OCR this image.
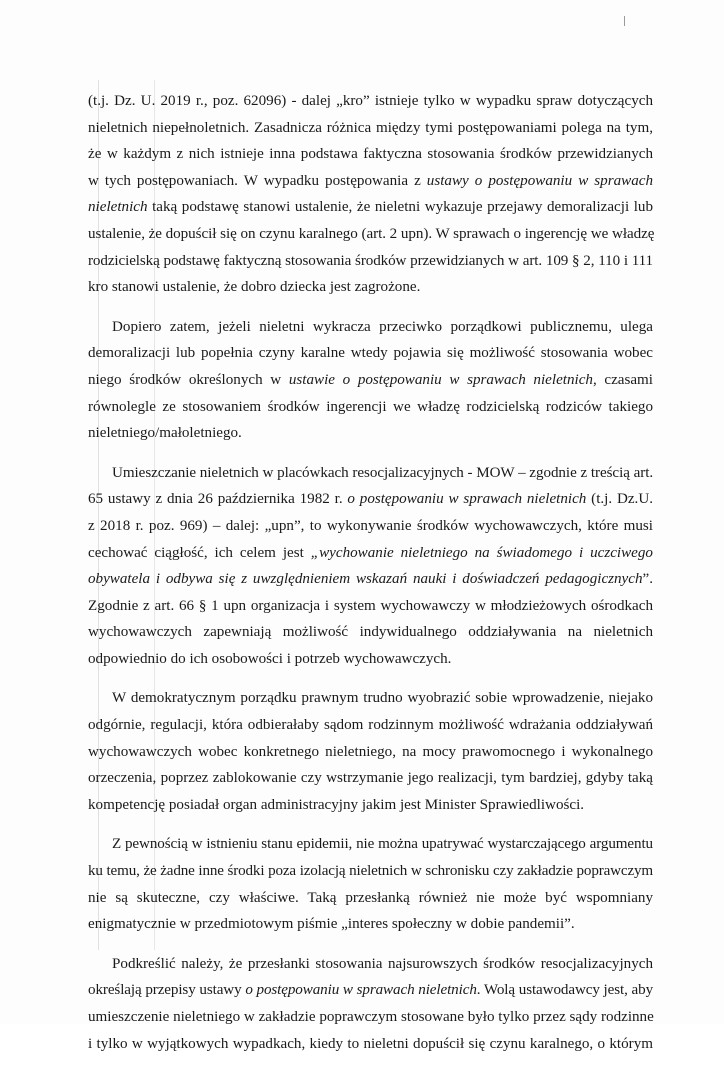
(t.j. Dz. U. 2019 r., poz. 62096) - dalej „kro” istnieje tylko w wypadku spraw dotyczących
nieletnich niepełnoletnich. Zasadnicza różnica między tymi postępowaniami polega na tym,
że w każdym z nich istnieje inna podstawa faktyczna stosowania środków przewidzianych
w tych postępowaniach. W wypadku postępowania z ustawy o postępowaniu w sprawach
nieletnich taką podstawę stanowi ustalenie, że nieletni wykazuje przejawy demoralizacji lub
ustalenie, że dopuścił się on czynu karalnego (art. 2 upn). W sprawach o ingerencję we władzę
rodzicielską podstawę faktyczną stosowania środków przewidzianych w art. 109 § 2, 110 i 111
kro stanowi ustalenie, że dobro dziecka jest zagrożone.
Dopiero zatem, jeżeli nieletni wykracza przeciwko porządkowi publicznemu, ulega
demoralizacji lub popełnia czyny karalne wtedy pojawia się możliwość stosowania wobec
niego środków określonych w ustawie o postępowaniu w sprawach nieletnich, czasami
równolegle ze stosowaniem środków ingerencji we władzę rodzicielską rodziców takiego
nieletniego/małoletniego.
Umieszczanie nieletnich w placówkach resocjalizacyjnych - MOW – zgodnie z treścią art.
65 ustawy z dnia 26 października 1982 r. o postępowaniu w sprawach nieletnich (t.j. Dz.U.
z 2018 r. poz. 969) – dalej: „upn”, to wykonywanie środków wychowawczych, które musi
cechować ciągłość, ich celem jest „wychowanie nieletniego na świadomego i uczciwego
obywatela i odbywa się z uwzględnieniem wskazań nauki i doświadczeń pedagogicznych”.
Zgodnie z art. 66 § 1 upn organizacja i system wychowawczy w młodzieżowych ośrodkach
wychowawczych zapewniają możliwość indywidualnego oddziaływania na nieletnich
odpowiednio do ich osobowości i potrzeb wychowawczych.
W demokratycznym porządku prawnym trudno wyobrazić sobie wprowadzenie, niejako
odgórnie, regulacji, która odbierałaby sądom rodzinnym możliwość wdrażania oddziaływań
wychowawczych wobec konkretnego nieletniego, na mocy prawomocnego i wykonalnego
orzeczenia, poprzez zablokowanie czy wstrzymanie jego realizacji, tym bardziej, gdyby taką
kompetencję posiadał organ administracyjny jakim jest Minister Sprawiedliwości.
Z pewnością w istnieniu stanu epidemii, nie można upatrywać wystarczającego argumentu
ku temu, że żadne inne środki poza izolacją nieletnich w schronisku czy zakładzie poprawczym
nie są skuteczne, czy właściwe. Taką przesłanką również nie może być wspomniany
enigmatycznie w przedmiotowym piśmie „interes społeczny w dobie pandemii”.
Podkreślić należy, że przesłanki stosowania najsurowszych środków resocjalizacyjnych
określają przepisy ustawy o postępowaniu w sprawach nieletnich. Wolą ustawodawcy jest, aby
umieszczenie nieletniego w zakładzie poprawczym stosowane było tylko przez sądy rodzinne
i tylko w wyjątkowych wypadkach, kiedy to nieletni dopuścił się czynu karalnego, o którym
